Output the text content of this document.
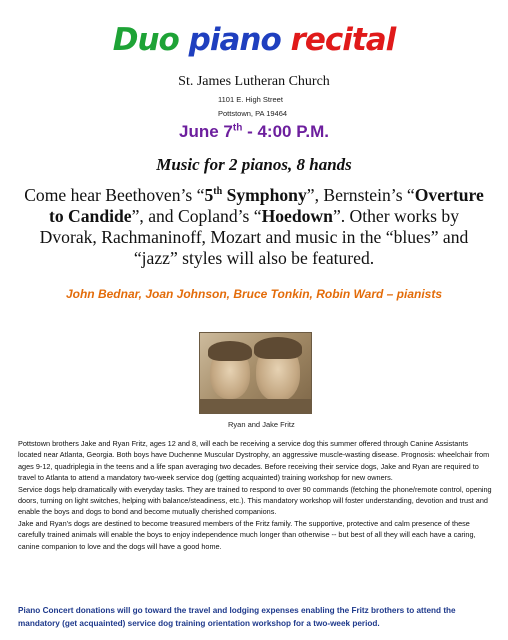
Duo piano recital
St. James Lutheran Church
1101 E. High Street
Pottstown, PA 19464
June 7th - 4:00 P.M.
Music for 2 pianos, 8 hands
Come hear Beethoven’s “5th Symphony”, Bernstein’s “Overture to Candide”, and Copland’s “Hoedown”. Other works by Dvorak, Rachmaninoff, Mozart and music in the “blues” and “jazz” styles will also be featured.
John Bednar, Joan Johnson, Bruce Tonkin, Robin Ward – pianists
Ryan and Jake Fritz

Pottstown brothers Jake and Ryan Fritz, ages 12 and 8, will each be receiving a service dog this summer offered through Canine Assistants located near Atlanta, Georgia. Both boys have Duchenne Muscular Dystrophy, an aggressive muscle-wasting disease. Prognosis: wheelchair from ages 9-12, quadriplegia in the teens and a life span averaging two decades. Before receiving their service dogs, Jake and Ryan are required to travel to Atlanta to attend a mandatory two-week service dog (getting acquainted) training workshop for new owners.

Service dogs help dramatically with everyday tasks. They are trained to respond to over 90 commands (fetching the phone/remote control, opening doors, turning on light switches, helping with balance/steadiness, etc.). This mandatory workshop will foster understanding, devotion and trust and enable the boys and dogs to bond and become mutually cherished companions.

Jake and Ryan’s dogs are destined to become treasured members of the Fritz family. The supportive, protective and calm presence of these carefully trained animals will enable the boys to enjoy independence much longer than otherwise -- but best of all they will each have a caring, canine companion to love and the dogs will have a good home.

Piano Concert donations will go toward the travel and lodging expenses enabling the Fritz brothers to attend the mandatory (get acquainted) service dog training orientation workshop for a two-week period.
